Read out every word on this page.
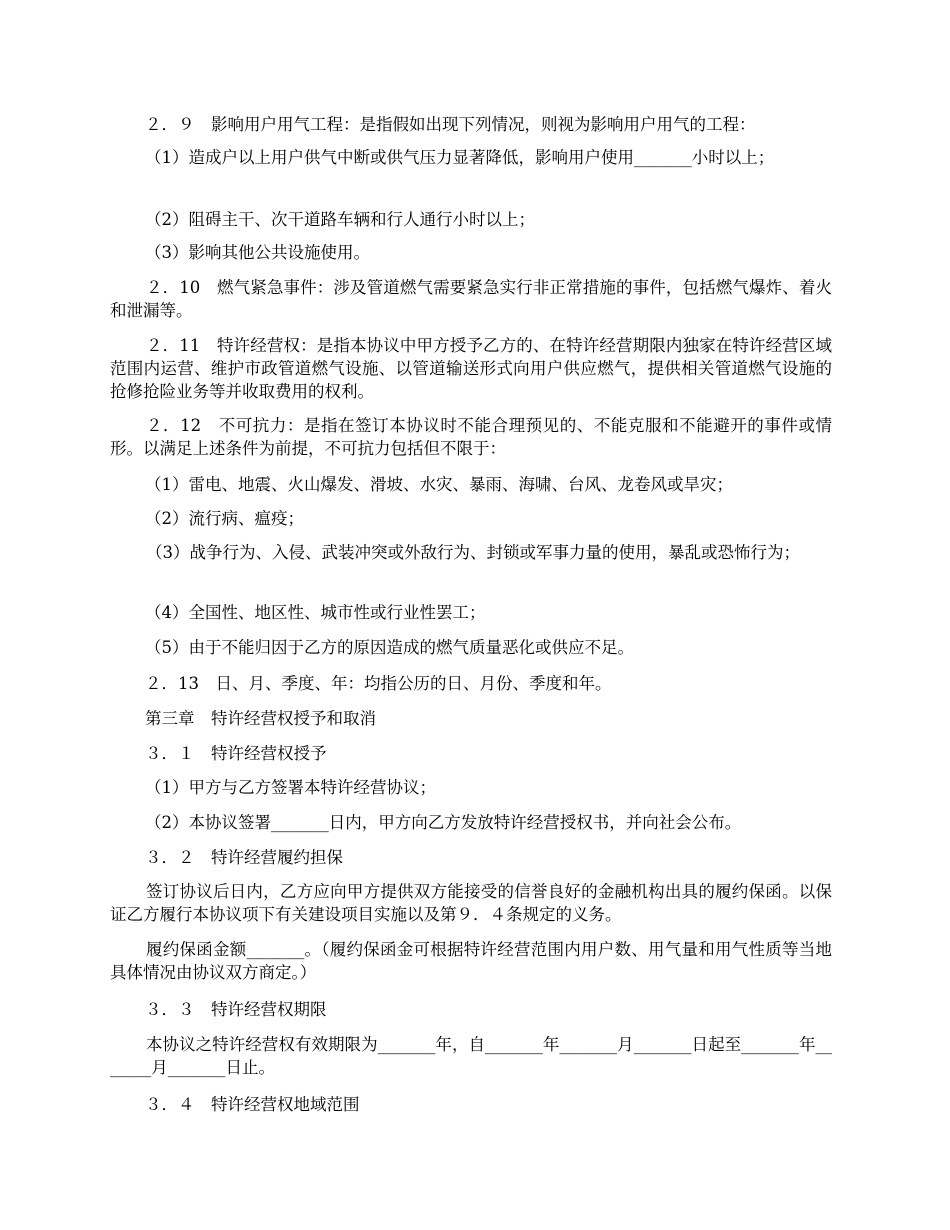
２．９　影响用户用气工程：是指假如出现下列情况，则视为影响用户用气的工程：

（1）造成户以上用户供气中断或供气压力显著降低，影响用户使用_______小时以上；

（2）阻碍主干、次干道路车辆和行人通行小时以上；

（3）影响其他公共设施使用。

２．10　燃气紧急事件：涉及管道燃气需要紧急实行非正常措施的事件，包括燃气爆炸、着火和泄漏等。

２．11　特许经营权：是指本协议中甲方授予乙方的、在特许经营期限内独家在特许经营区域范围内运营、维护市政管道燃气设施、以管道输送形式向用户供应燃气，提供相关管道燃气设施的抢修抢险业务等并收取费用的权利。

２．12　不可抗力：是指在签订本协议时不能合理预见的、不能克服和不能避开的事件或情形。以满足上述条件为前提，不可抗力包括但不限于：

（1）雷电、地震、火山爆发、滑坡、水灾、暴雨、海啸、台风、龙卷风或旱灾；

（2）流行病、瘟疫；

（3）战争行为、入侵、武装冲突或外敌行为、封锁或军事力量的使用，暴乱或恐怖行为；

（4）全国性、地区性、城市性或行业性罢工；

（5）由于不能归因于乙方的原因造成的燃气质量恶化或供应不足。

２．13　日、月、季度、年：均指公历的日、月份、季度和年。

第三章　特许经营权授予和取消

３．１　特许经营权授予

（1）甲方与乙方签署本特许经营协议；

（2）本协议签署_______日内，甲方向乙方发放特许经营授权书，并向社会公布。

３．２　特许经营履约担保

签订协议后日内，乙方应向甲方提供双方能接受的信誉良好的金融机构出具的履约保函。以保证乙方履行本协议项下有关建设项目实施以及第９．４条规定的义务。

履约保函金额_______。（履约保函金可根据特许经营范围内用户数、用气量和用气性质等当地具体情况由协议双方商定。）

３．３　特许经营权期限

本协议之特许经营权有效期限为_______年，自_______年_______月_______日起至_______年_______月_______日止。

３．４　特许经营权地域范围
